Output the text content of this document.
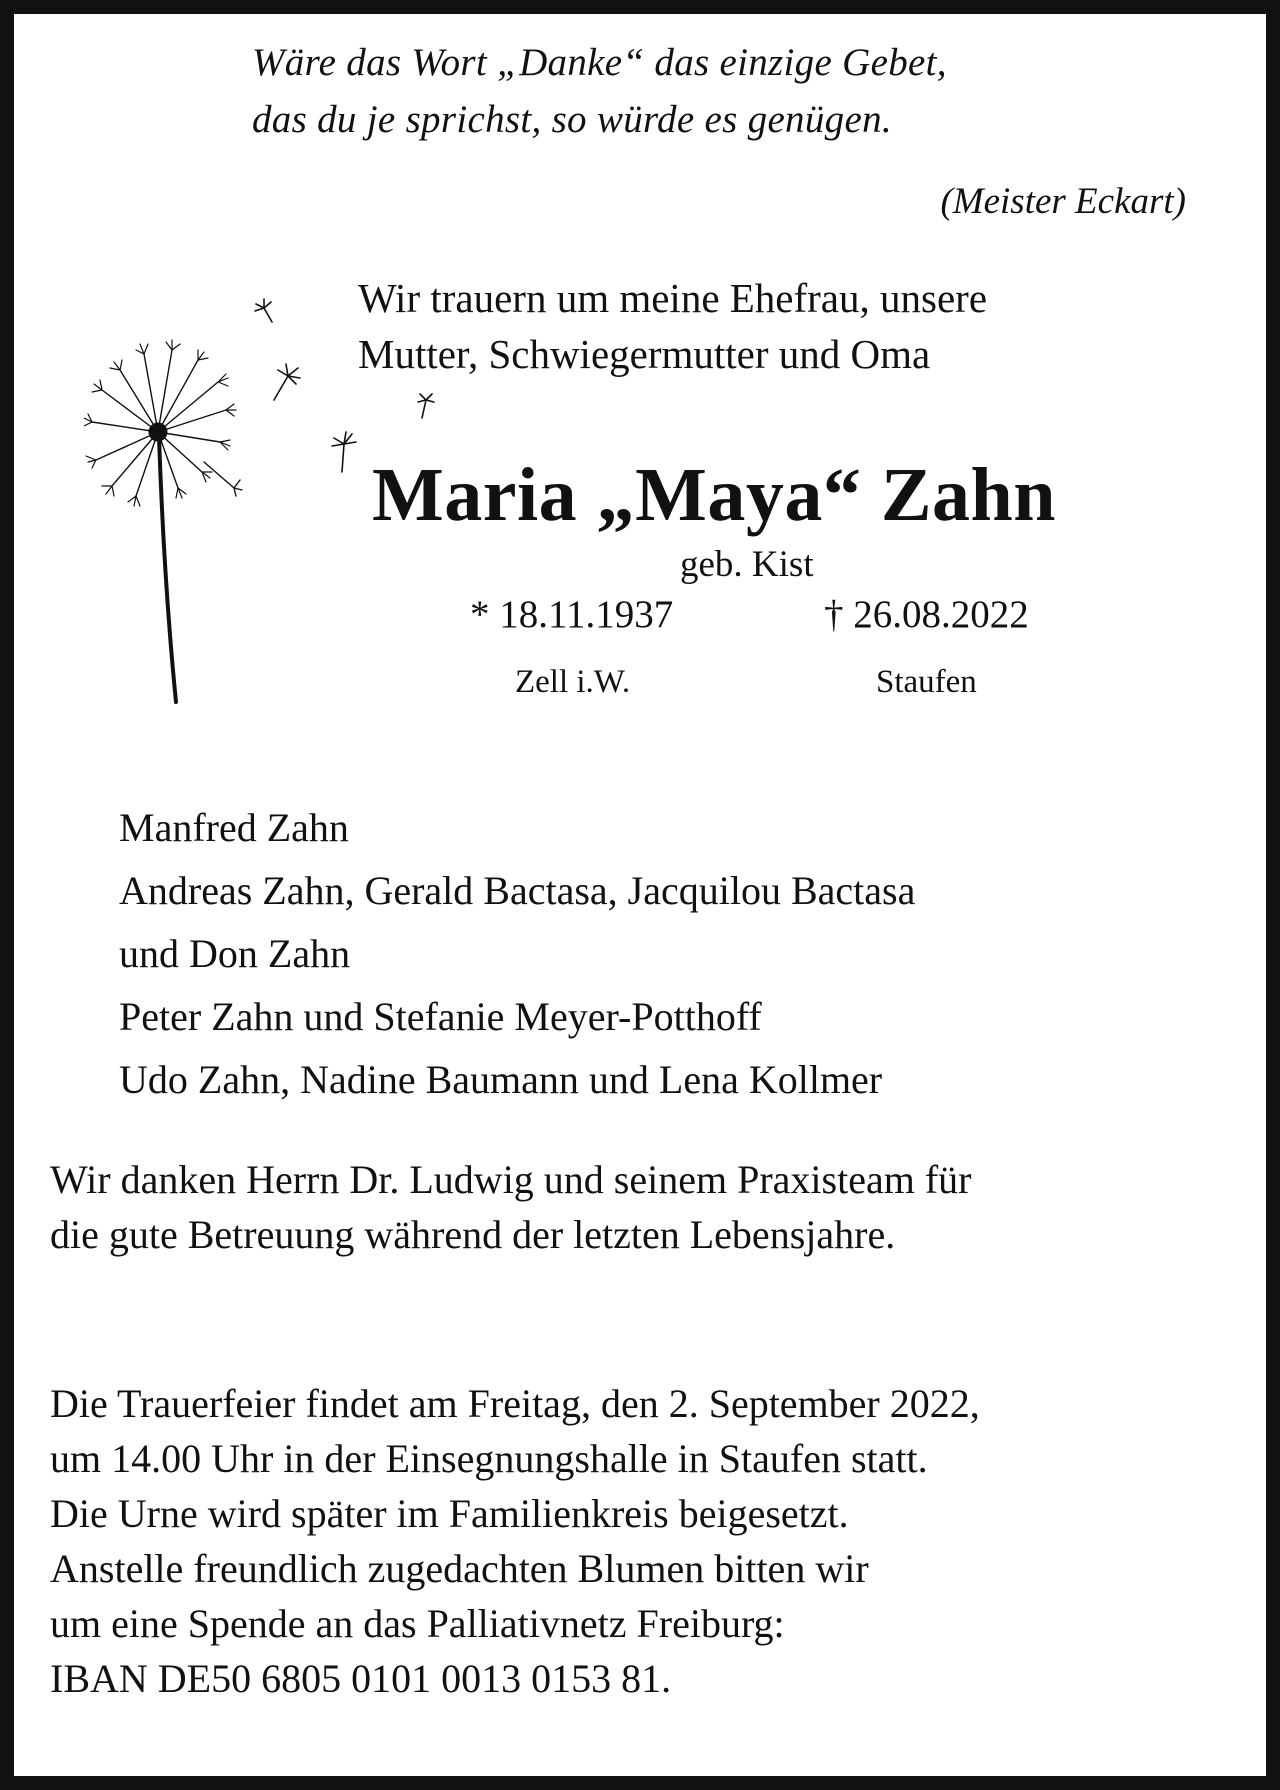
Wäre das Wort „Danke“ das einzige Gebet,
das du je sprichst, so würde es genügen.
(Meister Eckart)
Wir trauern um meine Ehefrau, unsere
Mutter, Schwiegermutter und Oma
Maria „Maya“ Zahn
geb. Kist
* 18.11.1937	† 26.08.2022
Zell i.W.	Staufen
Manfred Zahn
Andreas Zahn, Gerald Bactasa, Jacquilou Bactasa
und Don Zahn
Peter Zahn und Stefanie Meyer-Potthoff
Udo Zahn, Nadine Baumann und Lena Kollmer
Wir danken Herrn Dr. Ludwig und seinem Praxisteam für
die gute Betreuung während der letzten Lebensjahre.
Die Trauerfeier findet am Freitag, den 2. September 2022,
um 14.00 Uhr in der Einsegnungshalle in Staufen statt.
Die Urne wird später im Familienkreis beigesetzt.
Anstelle freundlich zugedachten Blumen bitten wir
um eine Spende an das Palliativnetz Freiburg:
IBAN DE50 6805 0101 0013 0153 81.
